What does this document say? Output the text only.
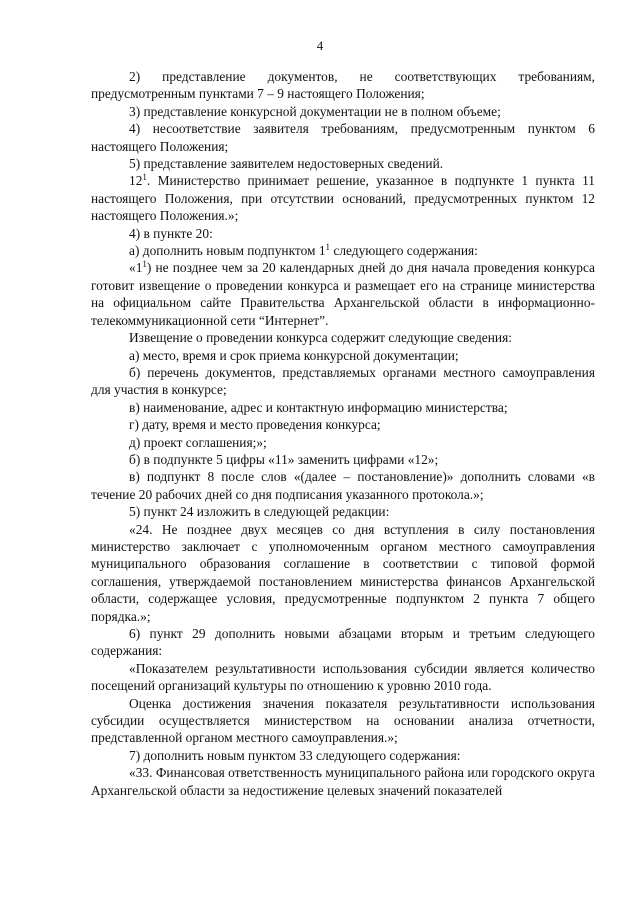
4

2) представление документов, не соответствующих требованиям, предусмотренным пунктами 7 – 9 настоящего Положения;

3) представление конкурсной документации не в полном объеме;

4) несоответствие заявителя требованиям, предусмотренным пунктом 6 настоящего Положения;

5) представление заявителем недостоверных сведений.

$12^1$. Министерство принимает решение, указанное в подпункте 1 пункта 11 настоящего Положения, при отсутствии оснований, предусмотренных пунктом 12 настоящего Положения.»;

4) в пункте 20:

а) дополнить новым подпунктом $1^1$ следующего содержания:

«$1^1$) не позднее чем за 20 календарных дней до дня начала проведения конкурса готовит извещение о проведении конкурса и размещает его на странице министерства на официальном сайте Правительства Архангельской области в информационно-телекоммуникационной сети “Интернет”.

Извещение о проведении конкурса содержит следующие сведения:

а) место, время и срок приема конкурсной документации;

б) перечень документов, представляемых органами местного самоуправления для участия в конкурсе;

в) наименование, адрес и контактную информацию министерства;

г) дату, время и место проведения конкурса;

д) проект соглашения;»;

б) в подпункте 5 цифры «11» заменить цифрами «12»;

в) подпункт 8 после слов «(далее – постановление)» дополнить словами «в течение 20 рабочих дней со дня подписания указанного протокола.»;

5) пункт 24 изложить в следующей редакции:

«24. Не позднее двух месяцев со дня вступления в силу постановления министерство заключает с уполномоченным органом местного самоуправления муниципального образования соглашение в соответствии с типовой формой соглашения, утверждаемой постановлением министерства финансов Архангельской области, содержащее условия, предусмотренные подпунктом 2 пункта 7 общего порядка.»;

6) пункт 29 дополнить новыми абзацами вторым и третьим следующего содержания:

«Показателем результативности использования субсидии является количество посещений организаций культуры по отношению к уровню 2010 года.

Оценка достижения значения показателя результативности использования субсидии осуществляется министерством на основании анализа отчетности, представленной органом местного самоуправления.»;

7) дополнить новым пунктом 33 следующего содержания:

«33. Финансовая ответственность муниципального района или городского округа Архангельской области за недостижение целевых значений показателей
